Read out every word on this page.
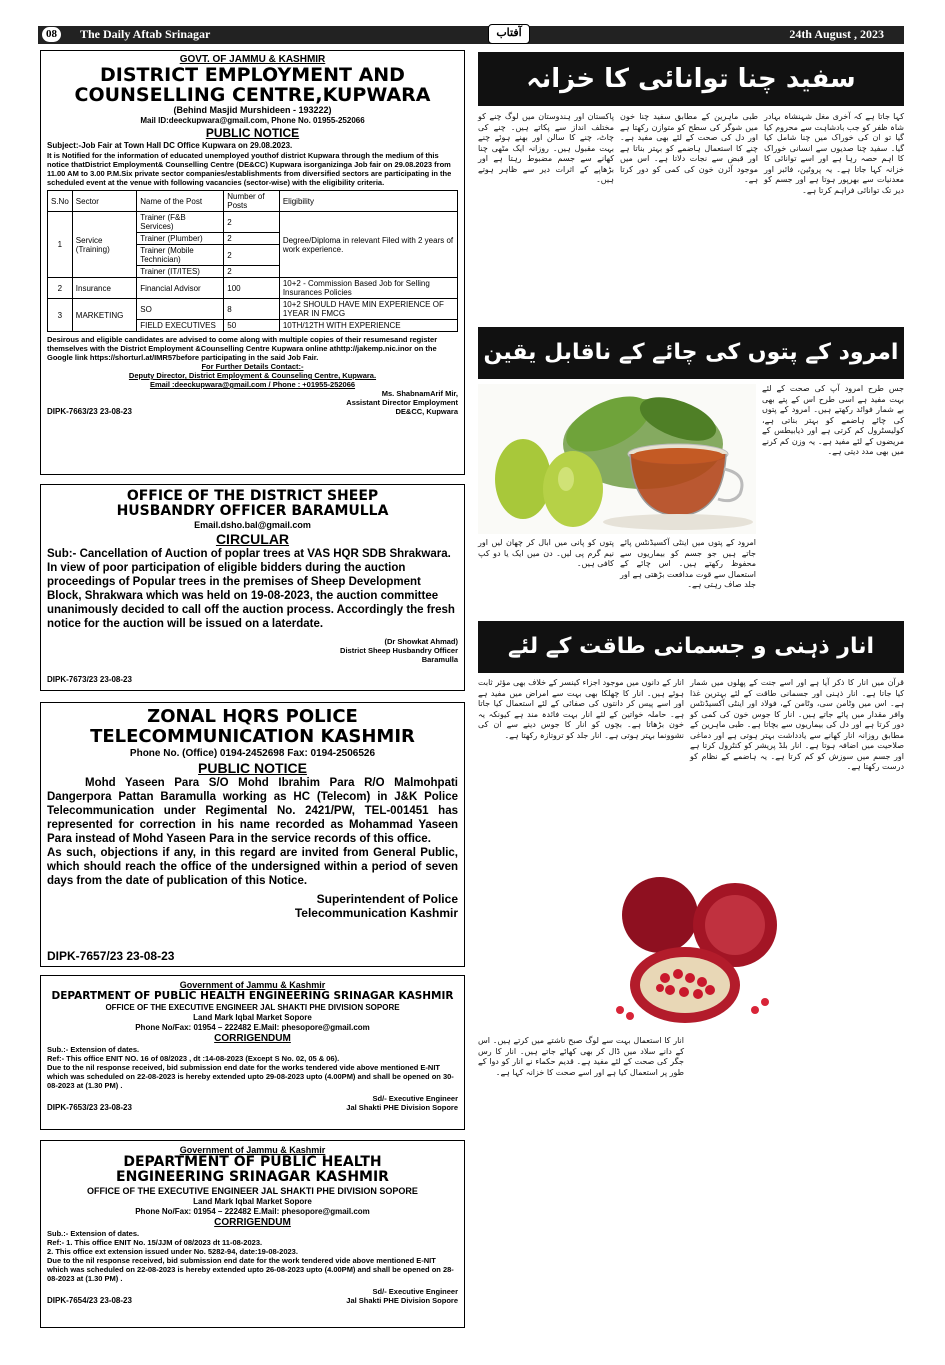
08	The Daily Aftab Srinagar	آفتاب	24th August , 2023
GOVT. OF JAMMU & KASHMIR
DISTRICT EMPLOYMENT AND
COUNSELLING CENTRE,KUPWARA
(Behind Masjid Murshideen - 193222)
Mail ID:deeckupwara@gmail.com, Phone No. 01955-252066
PUBLIC NOTICE
Subject:-Job Fair at Town Hall DC Office Kupwara on 29.08.2023.
It is Notified for the information of educated unemployed youthof district Kupwara through the medium of this notice thatDistrict Employment& Counselling Centre (DE&CC) Kupwara isorganizinga Job fair on 29.08.2023 from 11.00 AM to 3.00 P.M.Six private sector companies/establishments from diversified sectors are participating in the scheduled event at the venue with following vacancies (sector-wise) with the eligibility criteria.
S.No	Sector	Name of the Post	Number of Posts	Eligibility
1	Service (Training)	Trainer (F&B Services)	2	Degree/Diploma in relevant Filed with 2 years of work experience.
		Trainer (Plumber)	2	
		Trainer (Mobile Technician)	2	
		Trainer (IT/ITES)	2	
2	Insurance	Financial Advisor	100	10+2 - Commission Based Job for Selling Insurances Policies
3	MARKETING	SO	8	10+2 SHOULD HAVE MIN EXPERIENCE OF 1YEAR IN FMCG
		FIELD EXECUTIVES	50	10TH/12TH WITH EXPERIENCE
Desirous and eligible candidates are advised to come along with multiple copies of their resumesand register themselves with the District Employment &Counselling Centre Kupwara online athttp://jakemp.nic.inor on the Google link https://shorturl.at/IMR57before participating in the said Job Fair.
For Further Details Contact:-
Deputy Director, District Employment & Counseling Centre, Kupwara.
Email :deeckupwara@gmail.com / Phone : +01955-252066
Ms. ShabnamArif Mir,
Assistant Director Employment
DIPK-7663/23 23-08-23	DE&CC, Kupwara
OFFICE OF THE DISTRICT SHEEP
HUSBANDRY OFFICER BARAMULLA
Email.dsho.bal@gmail.com
CIRCULAR
Sub:- Cancellation of Auction of poplar trees at VAS HQR SDB Shrakwara.
In view of poor participation of eligible bidders during the auction proceedings of Popular trees in the premises of Sheep Development Block, Shrakwara which was held on 19-08-2023, the auction committee unanimously decided to call off the auction process. Accordingly the fresh notice for the auction will be issued on a laterdate.
(Dr Showkat Ahmad)
District Sheep Husbandry Officer
Baramulla
DIPK-7673/23 23-08-23
ZONAL HQRS POLICE
TELECOMMUNICATION KASHMIR
Phone No. (Office) 0194-2452698 Fax: 0194-2506526
PUBLIC NOTICE
Mohd Yaseen Para S/O Mohd Ibrahim Para R/O Malmohpati Dangerpora Pattan Baramulla working as HC (Telecom) in J&K Police Telecommunication under Regimental No. 2421/PW, TEL-001451 has represented for correction in his name recorded as Mohammad Yaseen Para instead of Mohd Yaseen Para in the service records of this office.
As such, objections if any, in this regard are invited from General Public, which should reach the office of the undersigned within a period of seven days from the date of publication of this Notice.
Superintendent of Police
Telecommunication Kashmir
DIPK-7657/23 23-08-23
Government of Jammu & Kashmir
DEPARTMENT OF PUBLIC HEALTH ENGINEERING SRINAGAR KASHMIR
OFFICE OF THE EXECUTIVE ENGINEER JAL SHAKTI PHE DIVISION SOPORE
Land Mark Iqbal Market Sopore
Phone No/Fax: 01954 – 222482 E.Mail: phesopore@gmail.com
CORRIGENDUM
Sub.:- Extension of dates.
Ref:- This office ENIT NO. 16 of 08/2023 , dt :14-08-2023 (Except S No. 02, 05 & 06).
Due to the nil response received, bid submission end date for the works tendered vide above mentioned E-NIT which was scheduled on 22-08-2023 is hereby extended upto 29-08-2023 upto (4.00PM) and shall be opened on 30-08-2023 at (1.30 PM) .
Sd/- Executive Engineer
DIPK-7653/23 23-08-23	Jal Shakti PHE Division Sopore
Government of Jammu & Kashmir
DEPARTMENT OF PUBLIC HEALTH
ENGINEERING SRINAGAR KASHMIR
OFFICE OF THE EXECUTIVE ENGINEER JAL SHAKTI PHE DIVISION SOPORE
Land Mark Iqbal Market Sopore
Phone No/Fax: 01954 – 222482 E.Mail: phesopore@gmail.com
CORRIGENDUM
Sub.:- Extension of dates.
Ref:- 1. This office ENIT No. 15/JJM of 08/2023 dt 11-08-2023.
2. This office ext extension issued under No. 5282-94, date:19-08-2023.
Due to the nil response received, bid submission end date for the work tendered vide above mentioned E-NIT which was scheduled on 22-08-2023 is hereby extended upto 26-08-2023 upto (4.00PM) and shall be opened on 28-08-2023 at (1.30 PM) .
Sd/- Executive Engineer
DIPK-7654/23 23-08-23	Jal Shakti PHE Division Sopore
سفید چنا توانائی کا خزانہ
کہا جاتا ہے کہ آخری مغل شہنشاہ بہادر شاہ ظفر کو جب بادشاہت سے محروم کیا گیا تو ان کی خوراک میں چنا شامل کیا گیا۔ سفید چنا صدیوں سے انسانی خوراک کا اہم حصہ رہا ہے اور اسے توانائی کا خزانہ کہا جاتا ہے۔ یہ پروٹین، فائبر اور معدنیات سے بھرپور ہوتا ہے اور جسم کو دیر تک توانائی فراہم کرتا ہے۔
طبی ماہرین کے مطابق سفید چنا خون میں شوگر کی سطح کو متوازن رکھتا ہے اور دل کی صحت کے لئے بھی مفید ہے۔ چنے کا استعمال ہاضمے کو بہتر بناتا ہے اور قبض سے نجات دلاتا ہے۔ اس میں موجود آئرن خون کی کمی کو دور کرتا ہے۔
پاکستان اور ہندوستان میں لوگ چنے کو مختلف انداز سے پکاتے ہیں۔ چنے کی چاٹ، چنے کا سالن اور بھنے ہوئے چنے بہت مقبول ہیں۔ روزانہ ایک مٹھی چنا کھانے سے جسم مضبوط رہتا ہے اور بڑھاپے کے اثرات دیر سے ظاہر ہوتے ہیں۔
امرود کے پتوں کی چائے کے ناقابل یقین
جس طرح امرود آپ کی صحت کے لئے بہت مفید ہے اسی طرح اس کے پتے بھی بے شمار فوائد رکھتے ہیں۔ امرود کے پتوں کی چائے ہاضمے کو بہتر بناتی ہے، کولیسٹرول کم کرتی ہے اور ذیابیطس کے مریضوں کے لئے مفید ہے۔ یہ وزن کم کرنے میں بھی مدد دیتی ہے۔
امرود کے پتوں میں اینٹی آکسیڈنٹس پائے جاتے ہیں جو جسم کو بیماریوں سے محفوظ رکھتے ہیں۔ اس چائے کے استعمال سے قوت مدافعت بڑھتی ہے اور جلد صاف رہتی ہے۔
پتوں کو پانی میں ابال کر چھان لیں اور نیم گرم پی لیں۔ دن میں ایک یا دو کپ کافی ہیں۔
انار ذہنی و جسمانی طاقت کے لئے بہترین غذا
قرآن میں انار کا ذکر آیا ہے اور اسے جنت کے پھلوں میں شمار کیا جاتا ہے۔ انار ذہنی اور جسمانی طاقت کے لئے بہترین غذا ہے۔ اس میں وٹامن سی، وٹامن کے، فولاد اور اینٹی آکسیڈنٹس وافر مقدار میں پائے جاتے ہیں۔ انار کا جوس خون کی کمی کو دور کرتا ہے اور دل کی بیماریوں سے بچاتا ہے۔ طبی ماہرین کے مطابق روزانہ انار کھانے سے یادداشت بہتر ہوتی ہے اور دماغی صلاحیت میں اضافہ ہوتا ہے۔ انار بلڈ پریشر کو کنٹرول کرتا ہے اور جسم میں سوزش کو کم کرتا ہے۔ یہ ہاضمے کے نظام کو درست رکھتا ہے۔
انار کے دانوں میں موجود اجزاء کینسر کے خلاف بھی مؤثر ثابت ہوئے ہیں۔ انار کا چھلکا بھی بہت سے امراض میں مفید ہے اور اسے پیس کر دانتوں کی صفائی کے لئے استعمال کیا جاتا ہے۔ حاملہ خواتین کے لئے انار بہت فائدہ مند ہے کیونکہ یہ خون بڑھاتا ہے۔ بچوں کو انار کا جوس دینے سے ان کی نشوونما بہتر ہوتی ہے۔ انار جلد کو تروتازہ رکھتا ہے۔
انار کا استعمال بہت سے لوگ صبح ناشتے میں کرتے ہیں۔ اس کے دانے سلاد میں ڈال کر بھی کھائے جاتے ہیں۔ انار کا رس جگر کی صحت کے لئے مفید ہے۔ قدیم حکماء نے انار کو دوا کے طور پر استعمال کیا ہے اور اسے صحت کا خزانہ کہا ہے۔
